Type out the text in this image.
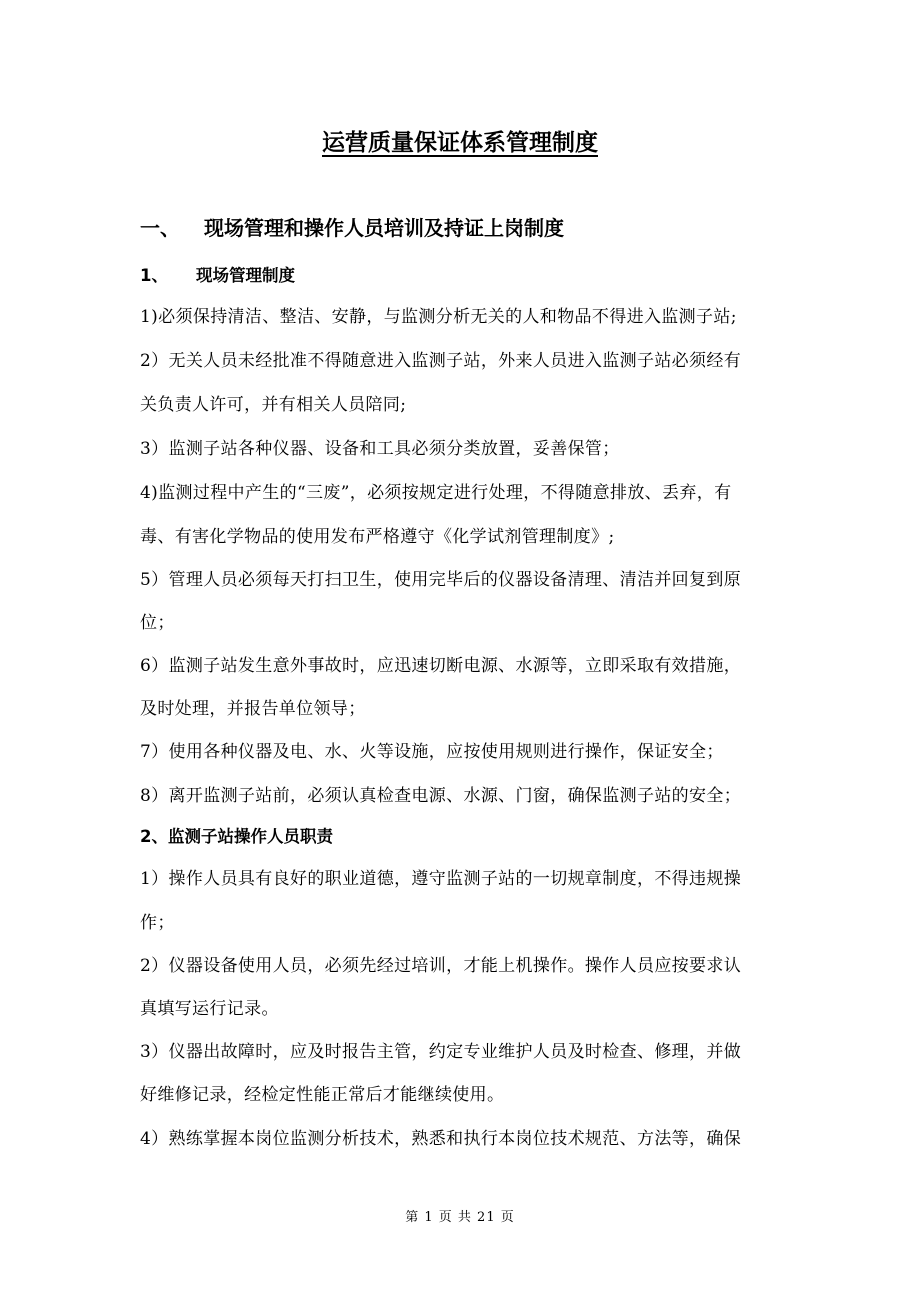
运营质量保证体系管理制度
一、 现场管理和操作人员培训及持证上岗制度
1、 现场管理制度
1)必须保持清洁、整洁、安静，与监测分析无关的人和物品不得进入监测子站;
2）无关人员未经批准不得随意进入监测子站，外来人员进入监测子站必须经有
关负责人许可，并有相关人员陪同;
3）监测子站各种仪器、设备和工具必须分类放置，妥善保管；
4)监测过程中产生的“三废”，必须按规定进行处理，不得随意排放、丢弃，有
毒、有害化学物品的使用发布严格遵守《化学试剂管理制度》;
5）管理人员必须每天打扫卫生，使用完毕后的仪器设备清理、清洁并回复到原
位；
6）监测子站发生意外事故时，应迅速切断电源、水源等，立即采取有效措施，
及时处理，并报告单位领导；
7）使用各种仪器及电、水、火等设施，应按使用规则进行操作，保证安全；
8）离开监测子站前，必须认真检查电源、水源、门窗，确保监测子站的安全；
2、监测子站操作人员职责
1）操作人员具有良好的职业道德，遵守监测子站的一切规章制度，不得违规操
作；
2）仪器设备使用人员，必须先经过培训，才能上机操作。操作人员应按要求认
真填写运行记录。
3）仪器出故障时，应及时报告主管，约定专业维护人员及时检查、修理，并做
好维修记录，经检定性能正常后才能继续使用。
4）熟练掌握本岗位监测分析技术，熟悉和执行本岗位技术规范、方法等，确保
第 1 页 共 21 页
